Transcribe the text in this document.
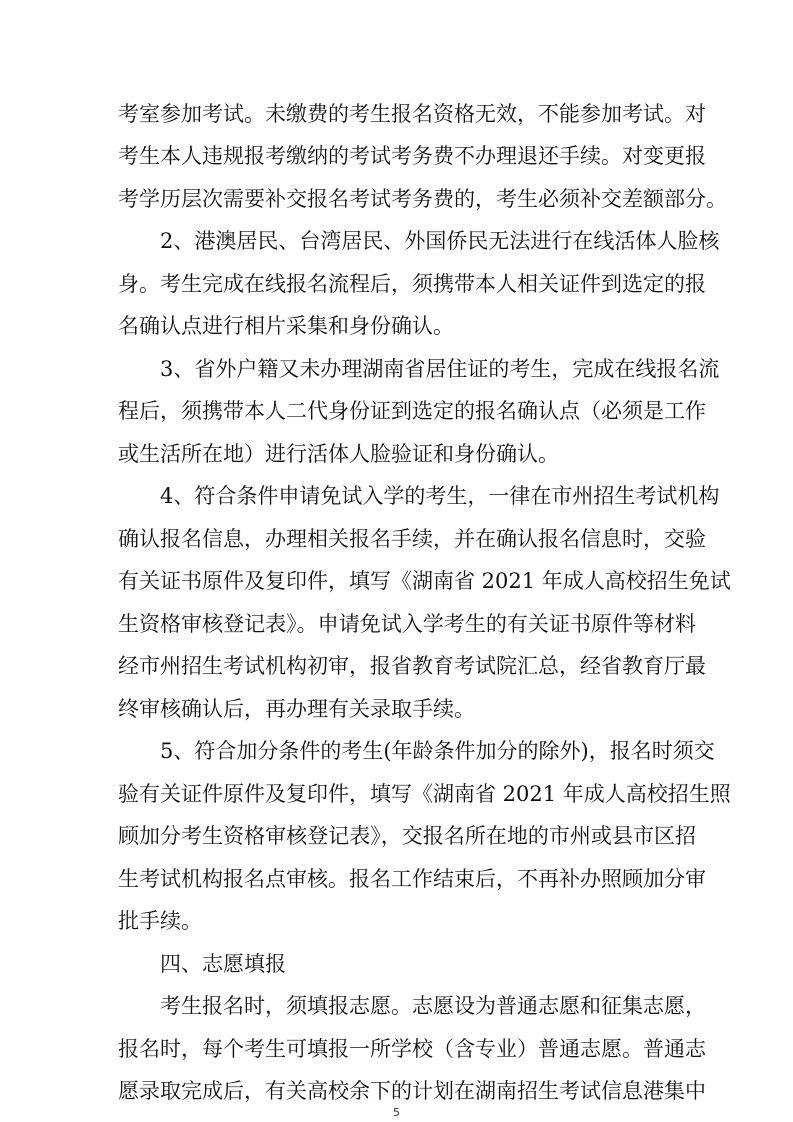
考室参加考试。未缴费的考生报名资格无效，不能参加考试。对
考生本人违规报考缴纳的考试考务费不办理退还手续。对变更报
考学历层次需要补交报名考试考务费的，考生必须补交差额部分。
2、港澳居民、台湾居民、外国侨民无法进行在线活体人脸核
身。考生完成在线报名流程后，须携带本人相关证件到选定的报
名确认点进行相片采集和身份确认。
3、省外户籍又未办理湖南省居住证的考生，完成在线报名流
程后，须携带本人二代身份证到选定的报名确认点（必须是工作
或生活所在地）进行活体人脸验证和身份确认。
4、符合条件申请免试入学的考生，一律在市州招生考试机构
确认报名信息，办理相关报名手续，并在确认报名信息时，交验
有关证书原件及复印件，填写《湖南省 2021 年成人高校招生免试
生资格审核登记表》。申请免试入学考生的有关证书原件等材料
经市州招生考试机构初审，报省教育考试院汇总，经省教育厅最
终审核确认后，再办理有关录取手续。
5、符合加分条件的考生(年龄条件加分的除外)，报名时须交
验有关证件原件及复印件，填写《湖南省 2021 年成人高校招生照
顾加分考生资格审核登记表》，交报名所在地的市州或县市区招
生考试机构报名点审核。报名工作结束后，不再补办照顾加分审
批手续。
四、志愿填报
考生报名时，须填报志愿。志愿设为普通志愿和征集志愿，
报名时，每个考生可填报一所学校（含专业）普通志愿。普通志
愿录取完成后，有关高校余下的计划在湖南招生考试信息港集中
5
